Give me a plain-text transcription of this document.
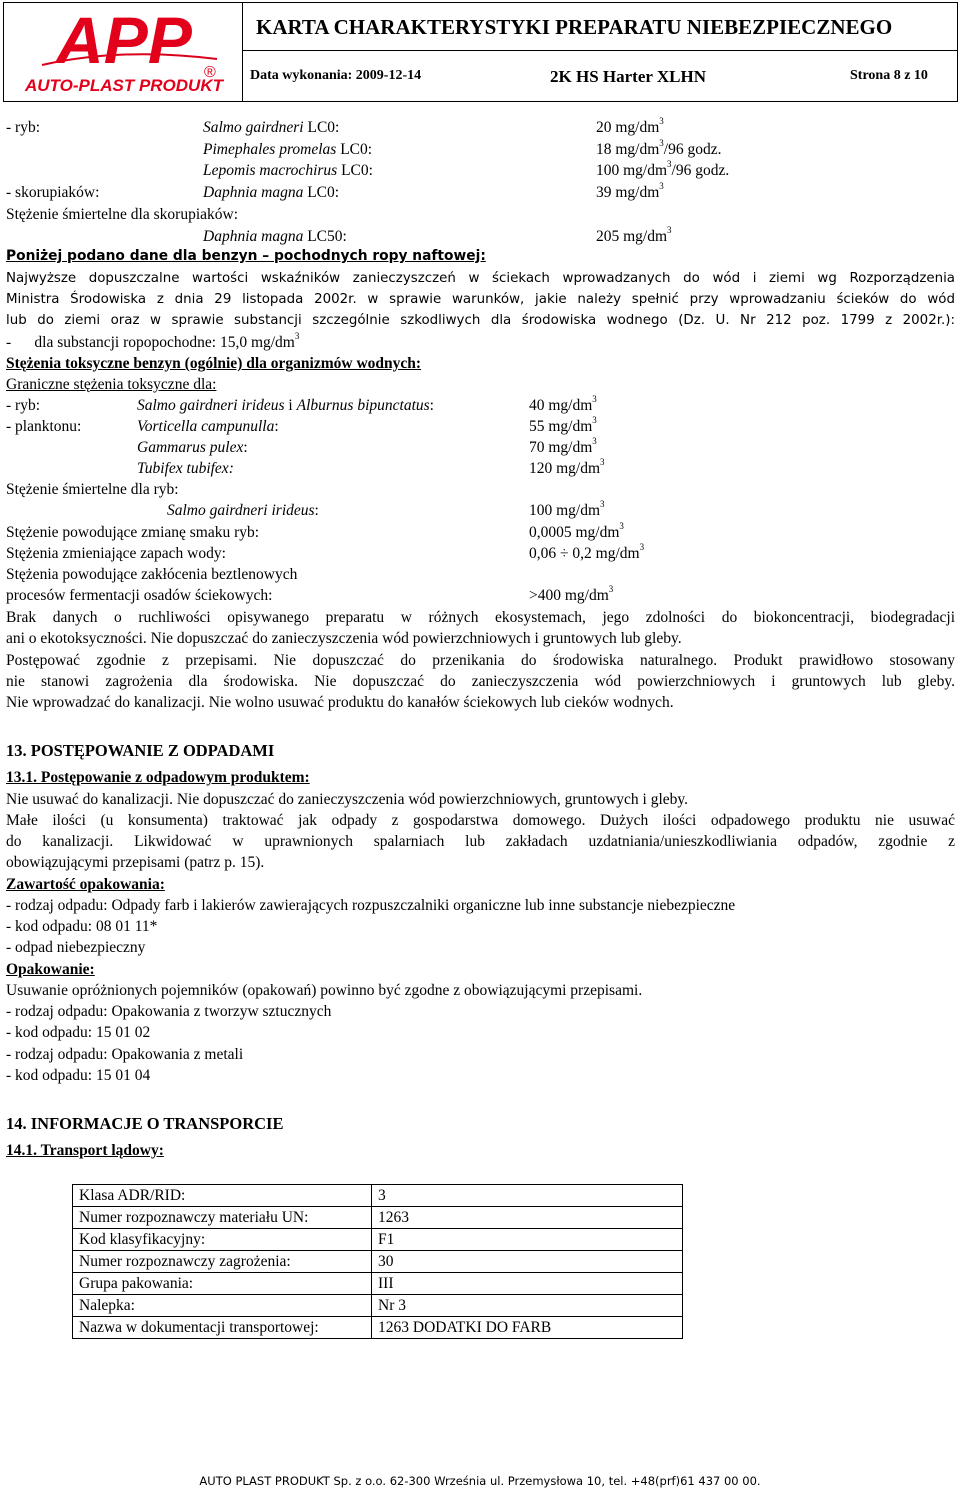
APP ®
AUTO-PLAST PRODUKT
KARTA CHARAKTERYSTYKI PREPARATU NIEBEZPIECZNEGO
Data wykonania: 2009-12-14	2K HS Harter XLHN	Strona 8 z 10
- ryb:	Salmo gairdneri LC0:	20 $mg/dm^3$
Pimephales promelas LC0:	18 $mg/dm^3/96$ godz.
Lepomis macrochirus LC0:	100 $mg/dm^3/96$ godz.
- skorupiaków:	Daphnia magna LC0:	39 $mg/dm^3$
Stężenie śmiertelne dla skorupiaków:
Daphnia magna LC50:	205 $mg/dm^3$
Poniżej podano dane dla benzyn – pochodnych ropy naftowej:
Najwyższe dopuszczalne wartości wskaźników zanieczyszczeń w ściekach wprowadzanych do wód i ziemi wg Rozporządzenia
Ministra Środowiska z dnia 29 listopada 2002r. w sprawie warunków, jakie należy spełnić przy wprowadzaniu ścieków do wód
lub do ziemi oraz w sprawie substancji szczególnie szkodliwych dla środowiska wodnego (Dz. U. Nr 212 poz. 1799 z 2002r.):
-      dla substancji ropopochodne: 15,0 $mg/dm^3$
Stężenia toksyczne benzyn (ogólnie) dla organizmów wodnych:
Graniczne stężenia toksyczne dla:
- ryb:	Salmo gairdneri irideus i Alburnus bipunctatus:	40 $mg/dm^3$
- planktonu:	Vorticella campunulla:	55 $mg/dm^3$
Gammarus pulex:	70 $mg/dm^3$
Tubifex tubifex:	120 $mg/dm^3$
Stężenie śmiertelne dla ryb:
Salmo gairdneri irideus:	100 $mg/dm^3$
Stężenie powodujące zmianę smaku ryb:	0,0005 $mg/dm^3$
Stężenia zmieniające zapach wody:	0,06 ÷ 0,2 $mg/dm^3$
Stężenia powodujące zakłócenia beztlenowych
procesów fermentacji osadów ściekowych:	>400 $mg/dm^3$
Brak danych o ruchliwości opisywanego preparatu w różnych ekosystemach, jego zdolności do biokoncentracji, biodegradacji
ani o ekotoksyczności. Nie dopuszczać do zanieczyszczenia wód powierzchniowych i gruntowych lub gleby.
Postępować zgodnie z przepisami. Nie dopuszczać do przenikania do środowiska naturalnego. Produkt prawidłowo stosowany
nie stanowi zagrożenia dla środowiska. Nie dopuszczać do zanieczyszczenia wód powierzchniowych i gruntowych lub gleby.
Nie wprowadzać do kanalizacji. Nie wolno usuwać produktu do kanałów ściekowych lub cieków wodnych.
13. POSTĘPOWANIE Z ODPADAMI
13.1. Postępowanie z odpadowym produktem:
Nie usuwać do kanalizacji. Nie dopuszczać do zanieczyszczenia wód powierzchniowych, gruntowych i gleby.
Małe ilości (u konsumenta) traktować jak odpady z gospodarstwa domowego. Dużych ilości odpadowego produktu nie usuwać
do kanalizacji. Likwidować w uprawnionych spalarniach lub zakładach uzdatniania/unieszkodliwiania odpadów, zgodnie z
obowiązującymi przepisami (patrz p. 15).
Zawartość opakowania:
- rodzaj odpadu: Odpady farb i lakierów zawierających rozpuszczalniki organiczne lub inne substancje niebezpieczne
- kod odpadu: 08 01 11*
- odpad niebezpieczny
Opakowanie:
Usuwanie opróżnionych pojemników (opakowań) powinno być zgodne z obowiązującymi przepisami.
- rodzaj odpadu: Opakowania z tworzyw sztucznych
- kod odpadu: 15 01 02
- rodzaj odpadu: Opakowania z metali
- kod odpadu: 15 01 04
14. INFORMACJE O TRANSPORCIE
14.1. Transport lądowy:
Klasa ADR/RID:	3
Numer rozpoznawczy materiału UN:	1263
Kod klasyfikacyjny:	F1
Numer rozpoznawczy zagrożenia:	30
Grupa pakowania:	III
Nalepka:	Nr 3
Nazwa w dokumentacji transportowej:	1263 DODATKI DO FARB
AUTO PLAST PRODUKT Sp. z o.o. 62-300 Września ul. Przemysłowa 10, tel. +48(prf)61 437 00 00.
